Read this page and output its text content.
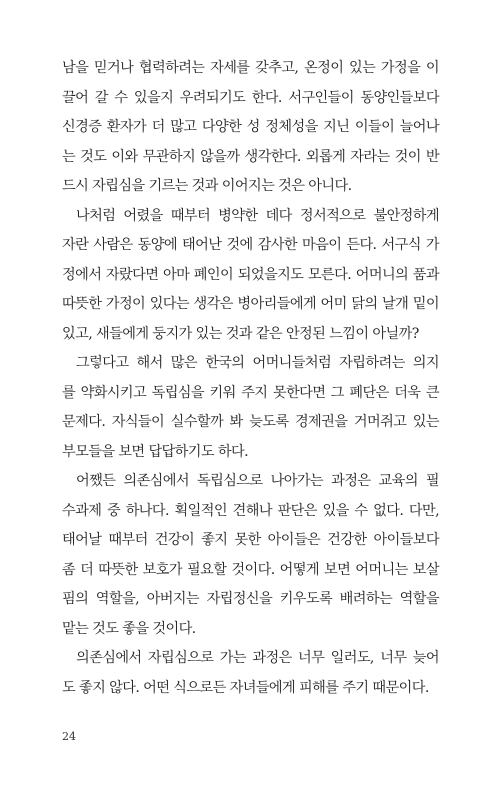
남을 믿거나 협력하려는 자세를 갖추고, 온정이 있는 가정을 이
끌어 갈 수 있을지 우려되기도 한다. 서구인들이 동양인들보다
신경증 환자가 더 많고 다양한 성 정체성을 지닌 이들이 늘어나
는 것도 이와 무관하지 않을까 생각한다. 외롭게 자라는 것이 반
드시 자립심을 기르는 것과 이어지는 것은 아니다.
나처럼 어렸을 때부터 병약한 데다 정서적으로 불안정하게
자란 사람은 동양에 태어난 것에 감사한 마음이 든다. 서구식 가
정에서 자랐다면 아마 폐인이 되었을지도 모른다. 어머니의 품과
따뜻한 가정이 있다는 생각은 병아리들에게 어미 닭의 날개 밑이
있고, 새들에게 둥지가 있는 것과 같은 안정된 느낌이 아닐까?
그렇다고 해서 많은 한국의 어머니들처럼 자립하려는 의지
를 약화시키고 독립심을 키워 주지 못한다면 그 폐단은 더욱 큰
문제다. 자식들이 실수할까 봐 늦도록 경제권을 거머쥐고 있는
부모들을 보면 답답하기도 하다.
어쨌든 의존심에서 독립심으로 나아가는 과정은 교육의 필
수과제 중 하나다. 획일적인 견해나 판단은 있을 수 없다. 다만,
태어날 때부터 건강이 좋지 못한 아이들은 건강한 아이들보다
좀 더 따뜻한 보호가 필요할 것이다. 어떻게 보면 어머니는 보살
핌의 역할을, 아버지는 자립정신을 키우도록 배려하는 역할을
맡는 것도 좋을 것이다.
의존심에서 자립심으로 가는 과정은 너무 일러도, 너무 늦어
도 좋지 않다. 어떤 식으로든 자녀들에게 피해를 주기 때문이다.
24
